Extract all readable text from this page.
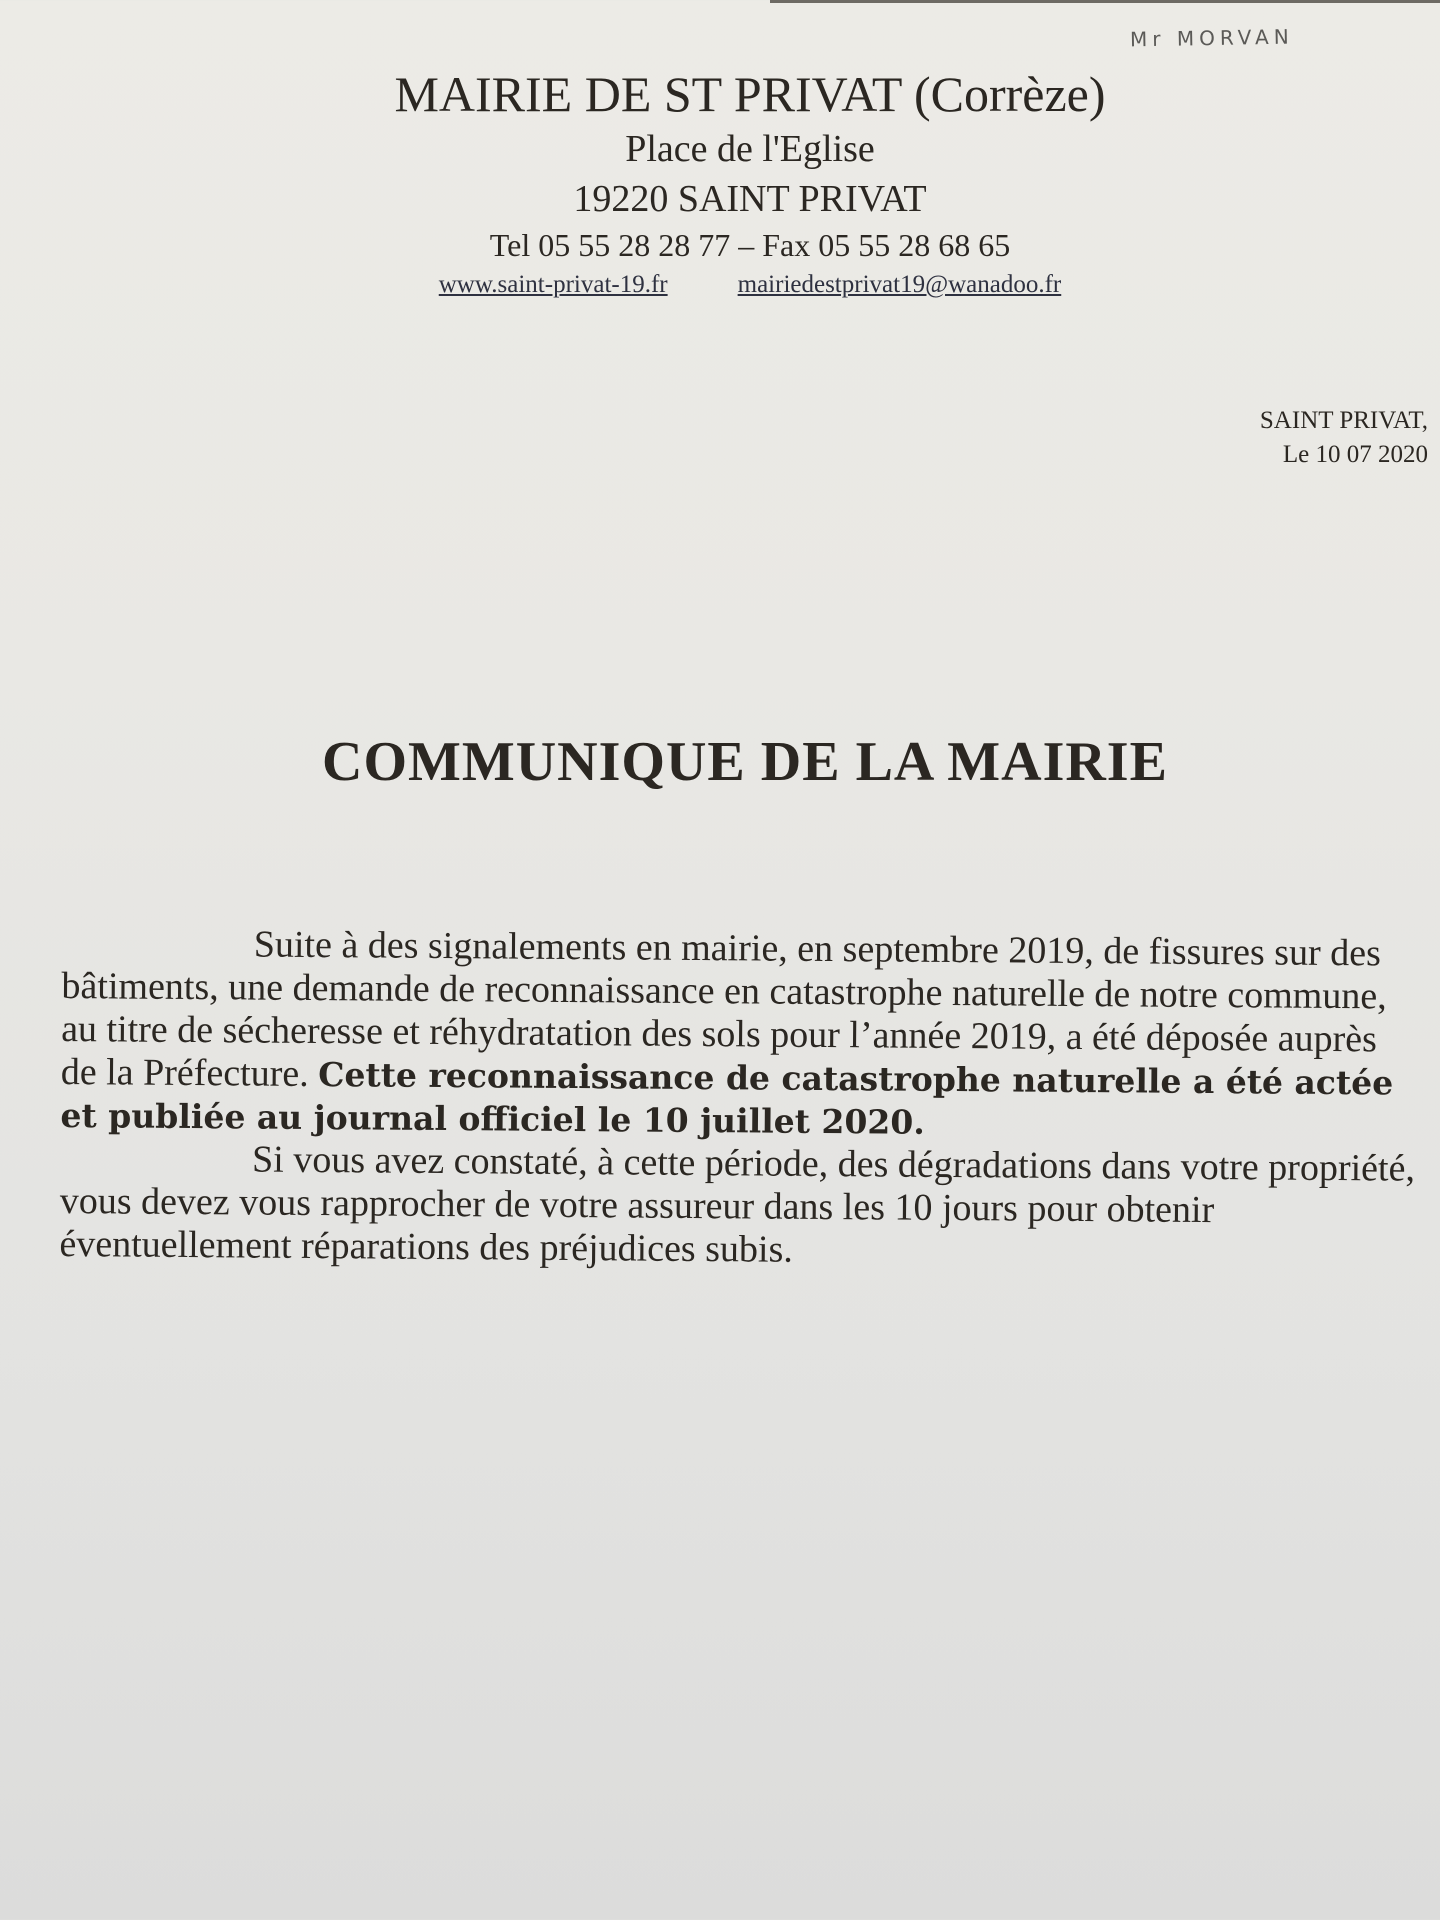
Mr MORVAN
MAIRIE DE ST PRIVAT (Corrèze)
Place de l'Eglise
19220 SAINT PRIVAT
Tel 05 55 28 28 77 – Fax 05 55 28 68 65
www.saint-privat-19.fr	mairiedestprivat19@wanadoo.fr
SAINT PRIVAT,
Le 10 07 2020
COMMUNIQUE DE LA MAIRIE

Suite à des signalements en mairie, en septembre 2019, de fissures sur des bâtiments, une demande de reconnaissance en catastrophe naturelle de notre commune, au titre de sécheresse et réhydratation des sols pour l’année 2019, a été déposée auprès de la Préfecture. Cette reconnaissance de catastrophe naturelle a été actée et publiée au journal officiel le 10 juillet 2020.

Si vous avez constaté, à cette période, des dégradations dans votre propriété, vous devez vous rapprocher de votre assureur dans les 10 jours pour obtenir éventuellement réparations des préjudices subis.
